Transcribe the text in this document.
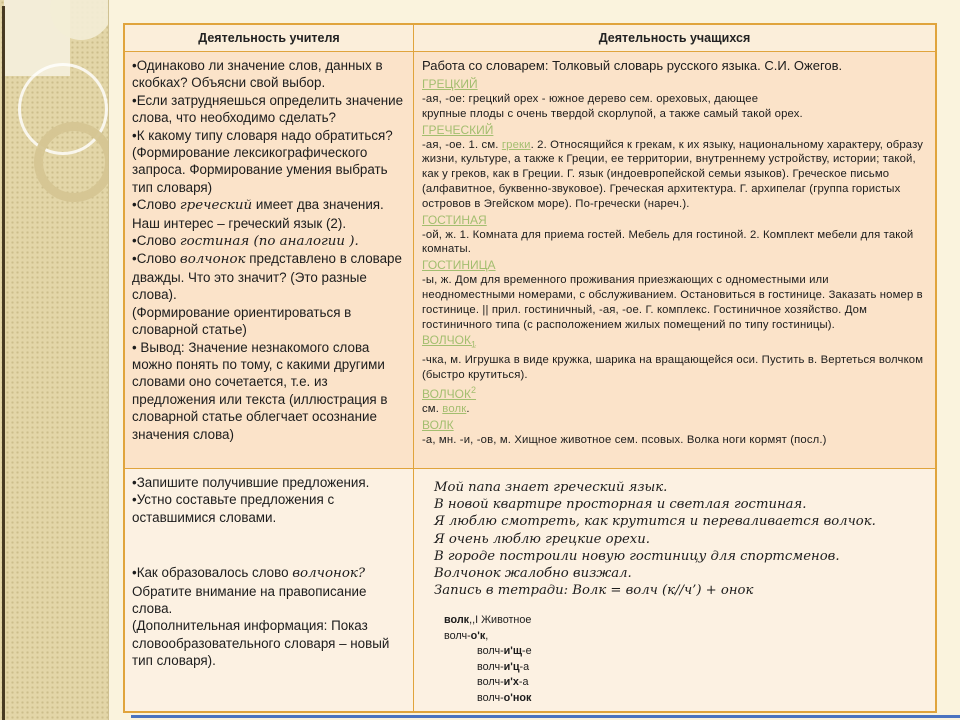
Деятельность учителя	Деятельность учащихся

•Одинаково ли значение слов, данных в скобках? Объясни свой выбор.

•Если затрудняешься определить значение слова, что необходимо сделать?

•К какому типу словаря надо обратиться? (Формирование лексикографического запроса. Формирование умения выбрать тип словаря)

•Слово греческий имеет два значения. Наш интерес – греческий язык (2).

•Слово гостиная (по аналогии ).

•Слово волчонок представлено в словаре дважды. Что это значит? (Это разные слова).

(Формирование ориентироваться в словарной статье)

• Вывод: Значение незнакомого слова можно понять по тому, с какими другими словами оно сочетается, т.е. из предложения или текста (иллюстрация в словарной статье облегчает осознание значения слова)

Работа со словарем: Толковый словарь русского языка. С.И. Ожегов.

ГРЕЦКИЙ

-ая, -ое: грецкий орех - южное дерево сем. ореховых, дающее

крупные плоды с очень твердой скорлупой, а также самый такой орех.

ГРЕЧЕСКИЙ

-ая, -ое. 1. см. греки. 2. Относящийся к грекам, к их языку, национальному характеру, образу жизни, культуре, а также к Греции, ее территории, внутреннему устройству, истории; такой, как у греков, как в Греции. Г. язык (индоевропейской семьи языков). Греческое письмо (алфавитное, буквенно-звуковое). Греческая архитектура. Г. архипелаг (группа гористых островов в Эгейском море). По-гречески (нареч.).

ГОСТИНАЯ

-ой, ж. 1. Комната для приема гостей. Мебель для гостиной. 2. Комплект мебели для такой комнаты.

ГОСТИНИЦА

-ы, ж. Дом для временного проживания приезжающих с одноместными или неодноместными номерами, с обслуживанием. Остановиться в гостинице. Заказать номер в гостинице. || прил. гостиничный, -ая, -ое. Г. комплекс. Гостиничное хозяйство. Дом гостиничного типа (с расположением жилых помещений по типу гостиницы).

$ВОЛЧОК_1$

-чка, м. Игрушка в виде кружка, шарика на вращающейся оси. Пустить в. Вертеться волчком (быстро крутиться).

ВОЛЧОК$^2$

см. волк.

ВОЛК

-а, мн. -и, -ов, м. Хищное животное сем. псовых. Волка ноги кормят (посл.)

•Запишите получившие предложения.

•Устно составьте предложения с оставшимися словами.

•Как образовалось слово волчонок?

Обратите внимание на правописание слова.

(Дополнительная информация: Показ словообразовательного словаря – новый тип словаря).

Мой папа знает греческий язык.

В новой квартире просторная и светлая гостиная.

Я люблю смотреть, как крутится и переваливается волчок.

Я очень люблю грецкие орехи.

В городе построили новую гостиницу для спортсменов.

Волчонок жалобно визжал.

Запись в тетради: Волк = волч (к//ч’) + онок

волк,,I Животное

волч-о'к,

волч-и'щ-е

волч-и'ц-а

волч-и'х-а

волч-о'нок
